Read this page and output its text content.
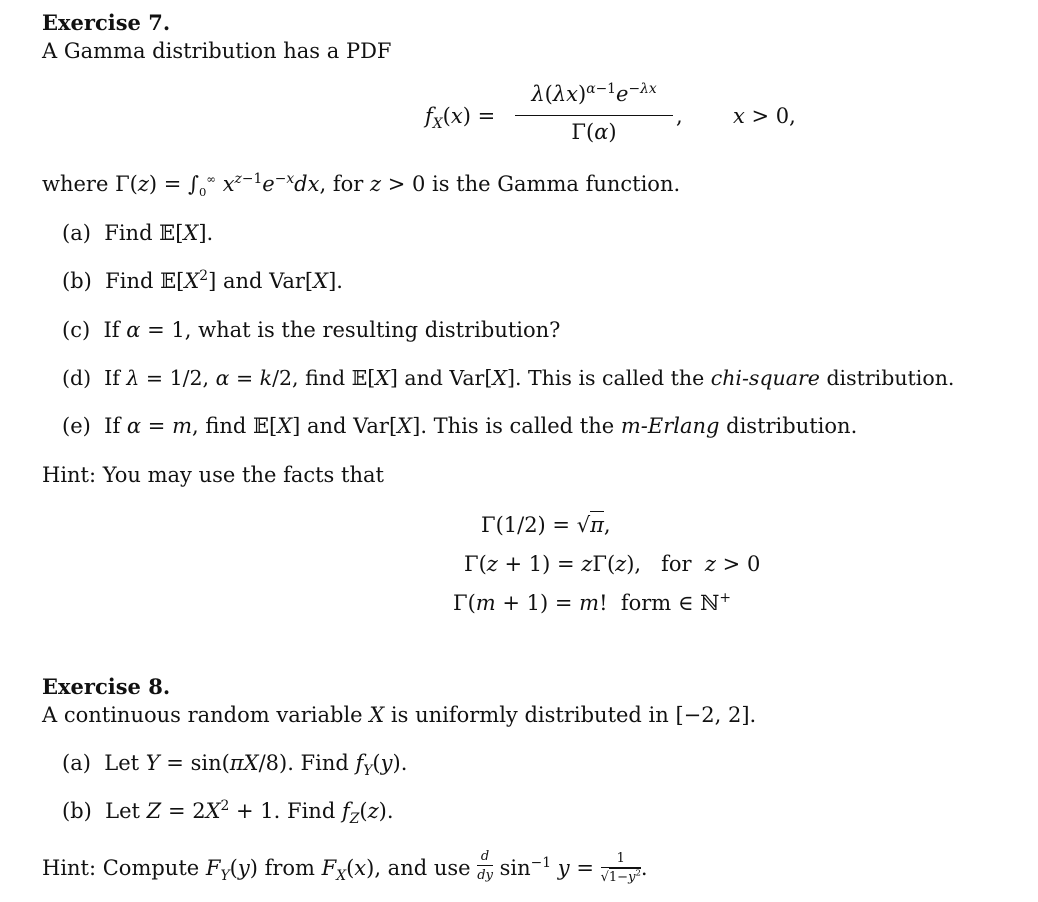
Exercise 7.
A Gamma distribution has a PDF
$f_X(x)$ =
$\lambda(\lambda x)^{\alpha-1}e^{-\lambda x}$
Γ(α)
, x > 0,
where $\Gamma(z) = \int_0^\infty$ $x^{z-1}e^{-x}dx$, for z > 0 is the Gamma function.
(a)  Find 𝔼[X].
(b)  Find $𝔼[X^2]$ and Var[X].
(c)  If α = 1, what is the resulting distribution?
(d)  If λ = 1/2, α = k/2, find 𝔼[X] and Var[X]. This is called the chi-square distribution.
(e)  If α = m, find 𝔼[X] and Var[X]. This is called the m-Erlang distribution.
Hint: You may use the facts that
Γ(1/2) = √π,
Γ(z + 1) = zΓ(z),   for  z > 0
Γ(m + 1) = m!  form ∈ ℕ+
Exercise 8.
A continuous random variable X is uniformly distributed in [−2, 2].
(a)  Let Y = sin(πX/8). Find $f_Y(y)$.
(b)  Let $Z = 2X^2 + 1$. Find $f_Z(z)$.
Hint: Compute $F_Y(y)$ from $F_X(x)$, and use $\frac{d}{dy} \sin^{-1} y = \frac{1}{√1-y^2}$ .
